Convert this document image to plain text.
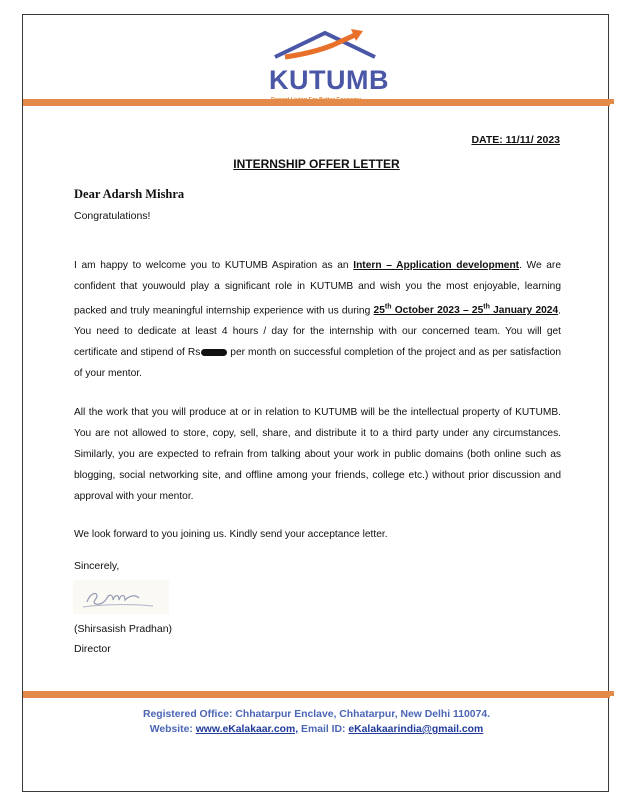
KUTUMB
DATE: 11/11/ 2023
INTERNSHIP OFFER LETTER
Dear Adarsh Mishra
Congratulations!
I am happy to welcome you to KUTUMB Aspiration as an Intern – Application development. We are confident that youwould play a significant role in KUTUMB and wish you the most enjoyable, learning packed and truly meaningful internship experience with us during 25th October 2023 – 25th January 2024. You need to dedicate at least 4 hours / day for the internship with our concerned team. You will get certificate and stipend of Rs	per month on successful completion of the project and as per satisfaction of your mentor.
All the work that you will produce at or in relation to KUTUMB will be the intellectual property of KUTUMB. You are not allowed to store, copy, sell, share, and distribute it to a third party under any circumstances. Similarly, you are expected to refrain from talking about your work in public domains (both online such as blogging, social networking site, and offline among your friends, college etc.) without prior discussion and approval with your mentor.
We look forward to you joining us. Kindly send your acceptance letter.
Sincerely,
(Shirsasish Pradhan)
Director
Registered Office: Chhatarpur Enclave, Chhatarpur, New Delhi 110074.
Website: www.eKalakaar.com, Email ID: eKalakaarindia@gmail.com
